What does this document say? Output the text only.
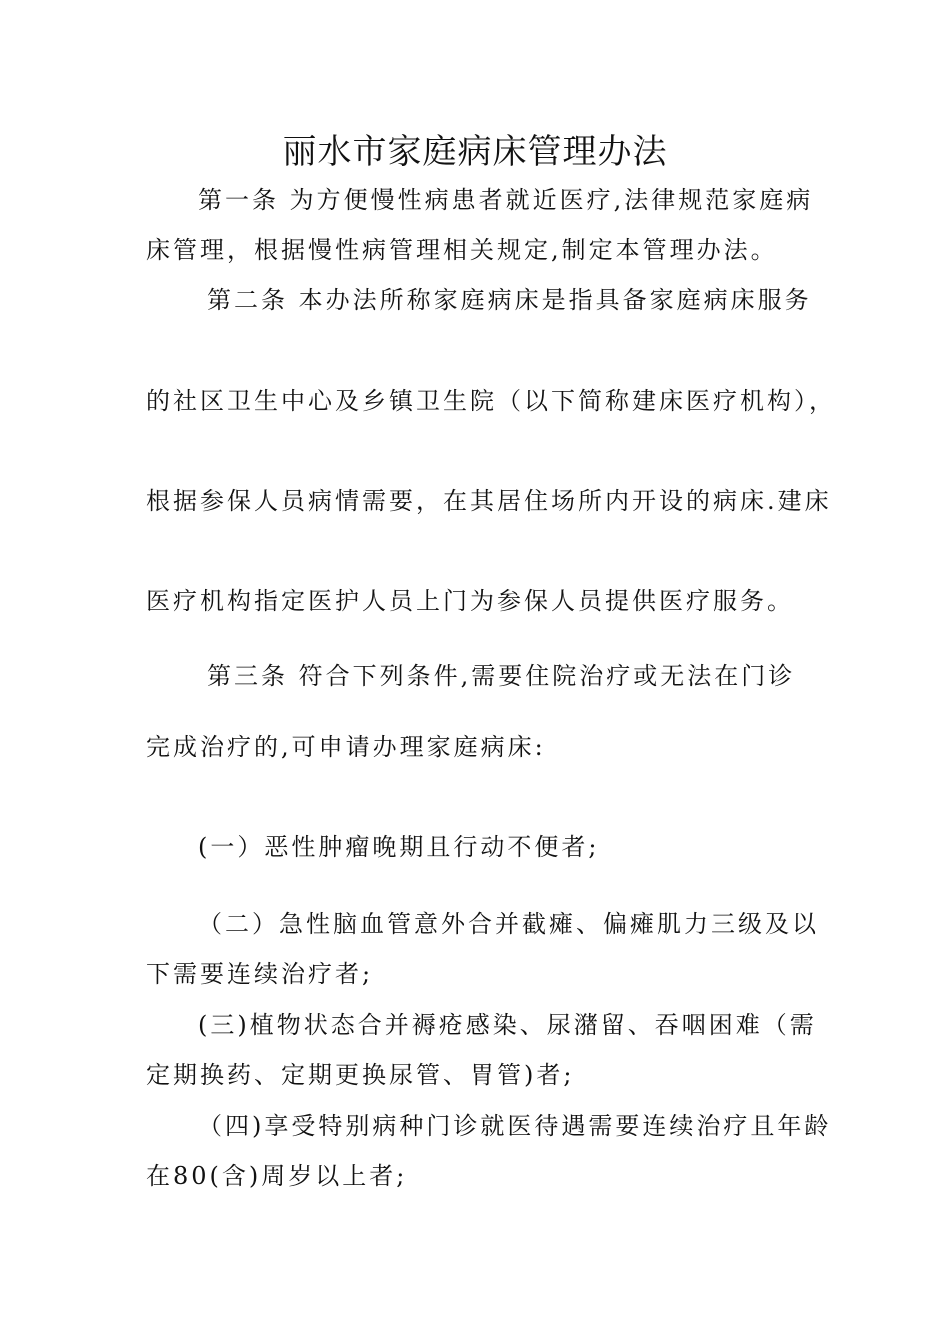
丽水市家庭病床管理办法
第一条 为方便慢性病患者就近医疗,法律规范家庭病
床管理，根据慢性病管理相关规定,制定本管理办法。
第二条 本办法所称家庭病床是指具备家庭病床服务
的社区卫生中心及乡镇卫生院（以下简称建床医疗机构），
根据参保人员病情需要，在其居住场所内开设的病床.建床
医疗机构指定医护人员上门为参保人员提供医疗服务。
第三条 符合下列条件,需要住院治疗或无法在门诊
完成治疗的,可申请办理家庭病床:
(一）恶性肿瘤晚期且行动不便者;
（二）急性脑血管意外合并截瘫、偏瘫肌力三级及以
下需要连续治疗者;
(三)植物状态合并褥疮感染、尿潴留、吞咽困难（需
定期换药、定期更换尿管、胃管)者;
（四)享受特别病种门诊就医待遇需要连续治疗且年龄
在80(含)周岁以上者;
